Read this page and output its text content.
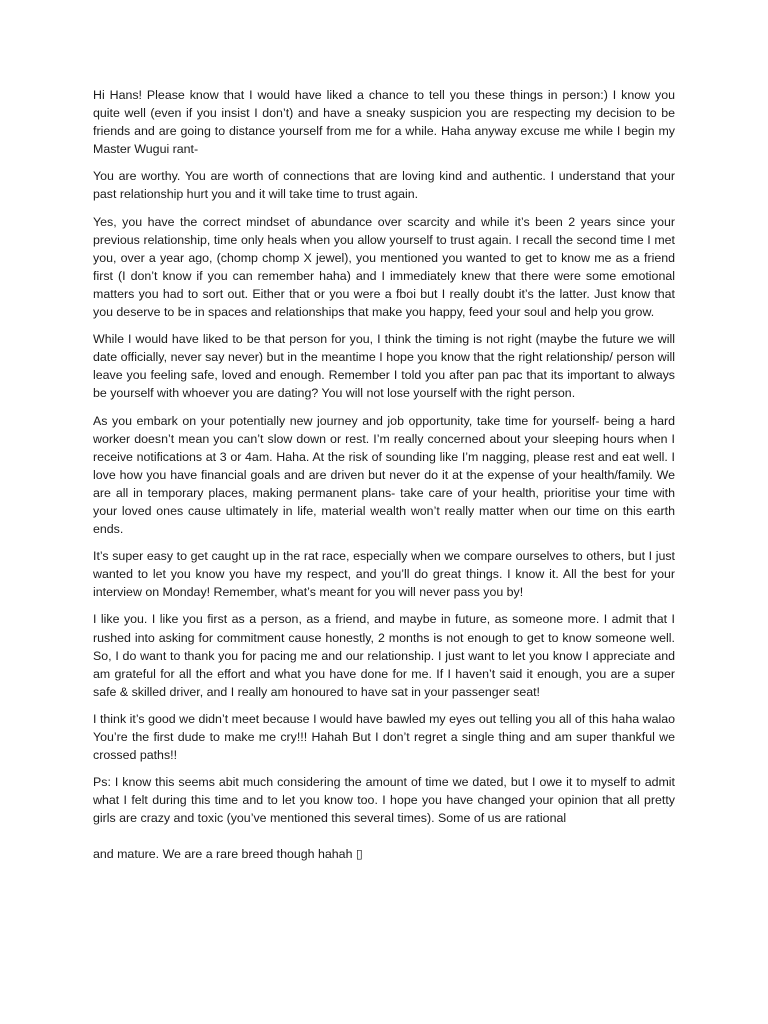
Hi Hans! Please know that I would have liked a chance to tell you these things in person:) I know you quite well (even if you insist I don’t) and have a sneaky suspicion you are respecting my decision to be friends and are going to distance yourself from me for a while. Haha anyway excuse me while I begin my Master Wugui rant-

You are worthy. You are worth of connections that are loving kind and authentic. I understand that your past relationship hurt you and it will take time to trust again.

Yes, you have the correct mindset of abundance over scarcity and while it’s been 2 years since your previous relationship, time only heals when you allow yourself to trust again. I recall the second time I met you, over a year ago, (chomp chomp X jewel), you mentioned you wanted to get to know me as a friend first (I don’t know if you can remember haha) and I immediately knew that there were some emotional matters you had to sort out. Either that or you were a fboi but I really doubt it’s the latter. Just know that you deserve to be in spaces and relationships that make you happy, feed your soul and help you grow.

While I would have liked to be that person for you, I think the timing is not right (maybe the future we will date officially, never say never) but in the meantime I hope you know that the right relationship/ person will leave you feeling safe, loved and enough. Remember I told you after pan pac that its important to always be yourself with whoever you are dating? You will not lose yourself with the right person.

As you embark on your potentially new journey and job opportunity, take time for yourself- being a hard worker doesn’t mean you can’t slow down or rest. I’m really concerned about your sleeping hours when I receive notifications at 3 or 4am. Haha. At the risk of sounding like I’m nagging, please rest and eat well. I love how you have financial goals and are driven but never do it at the expense of your health/family. We are all in temporary places, making permanent plans- take care of your health, prioritise your time with your loved ones cause ultimately in life, material wealth won’t really matter when our time on this earth ends.

It’s super easy to get caught up in the rat race, especially when we compare ourselves to others, but I just wanted to let you know you have my respect, and you’ll do great things. I know it. All the best for your interview on Monday! Remember, what’s meant for you will never pass you by!

I like you. I like you first as a person, as a friend, and maybe in future, as someone more. I admit that I rushed into asking for commitment cause honestly, 2 months is not enough to get to know someone well. So, I do want to thank you for pacing me and our relationship. I just want to let you know I appreciate and am grateful for all the effort and what you have done for me. If I haven’t said it enough, you are a super safe & skilled driver, and I really am honoured to have sat in your passenger seat!

I think it’s good we didn’t meet because I would have bawled my eyes out telling you all of this haha walao You’re the first dude to make me cry!!! Hahah But I don’t regret a single thing and am super thankful we crossed paths!!

Ps: I know this seems abit much considering the amount of time we dated, but I owe it to myself to admit what I felt during this time and to let you know too. I hope you have changed your opinion that all pretty girls are crazy and toxic (you’ve mentioned this several times). Some of us are rational

and mature. We are a rare breed though hahah ▯
